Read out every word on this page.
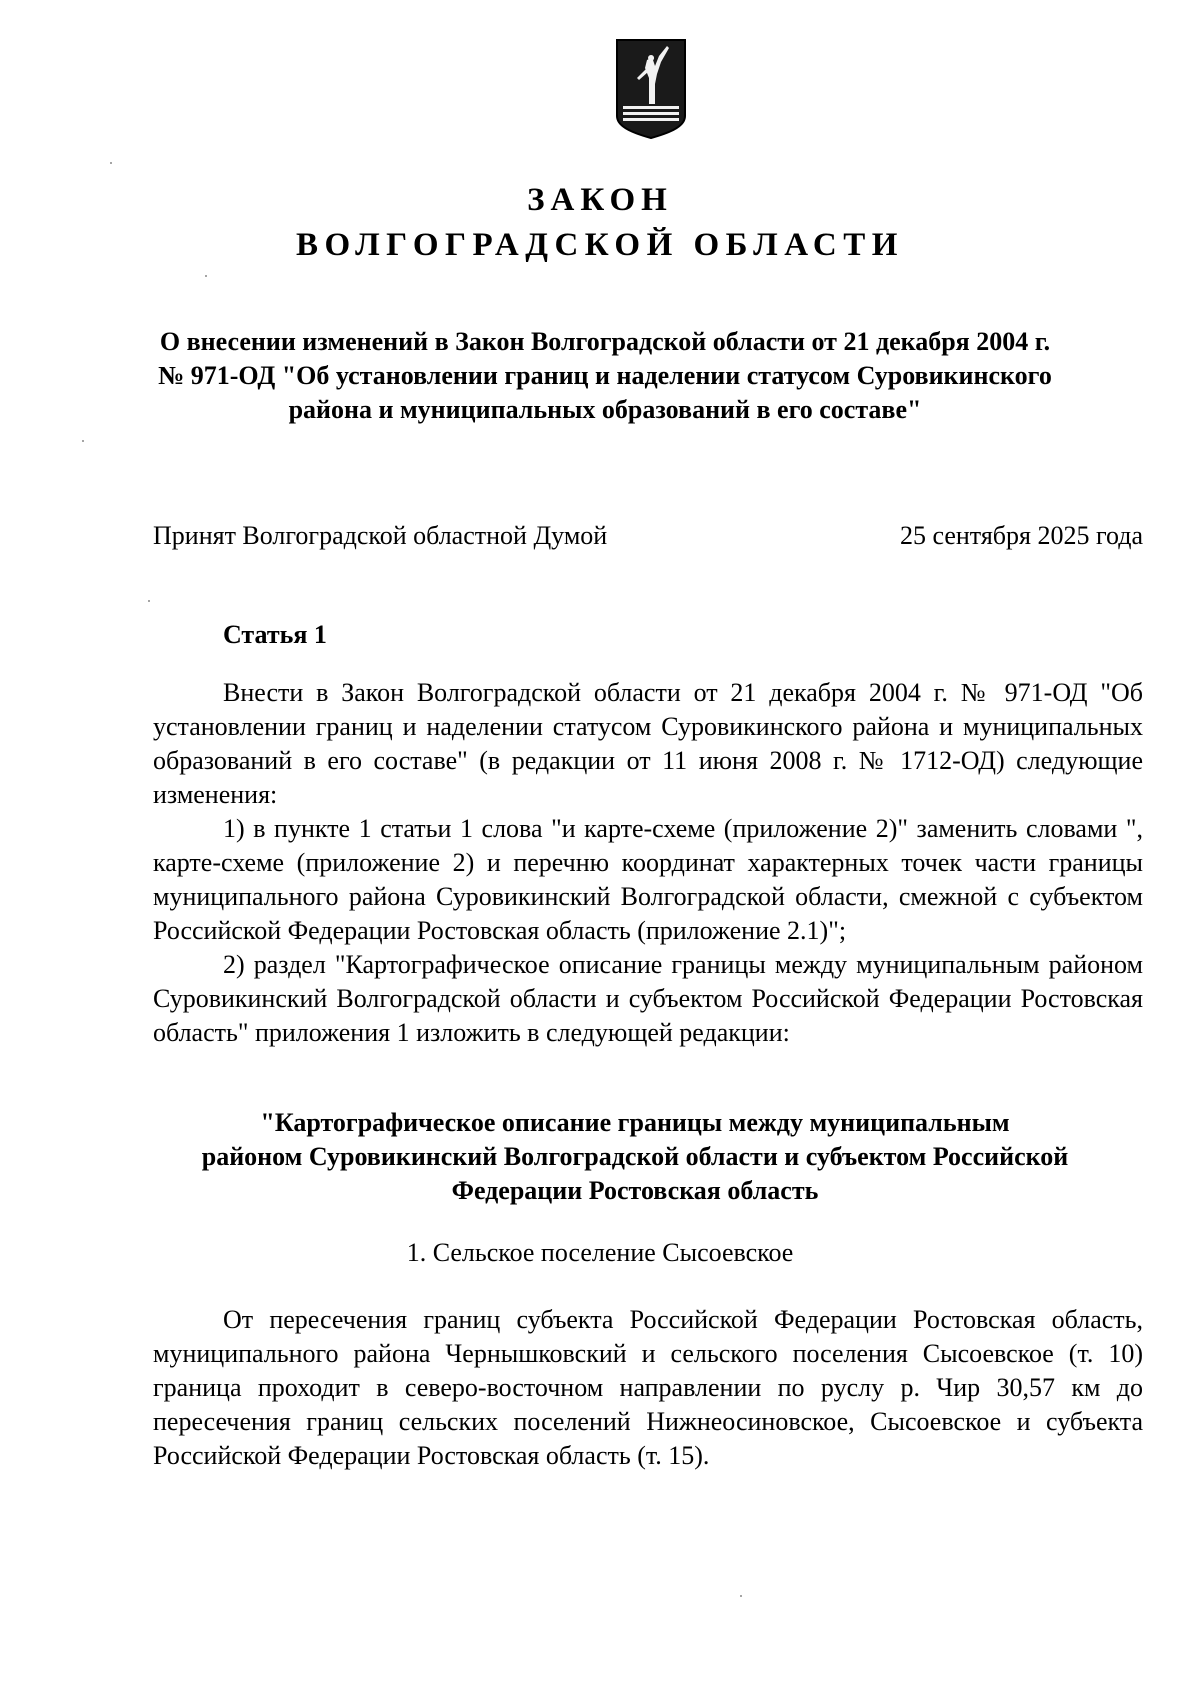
ЗАКОН
ВОЛГОГРАДСКОЙ ОБЛАСТИ
О внесении изменений в Закон Волгоградской области от 21 декабря 2004 г.
№ 971-ОД "Об установлении границ и наделении статусом Суровикинского
района и муниципальных образований в его составе"
Принят Волгоградской областной Думой	25 сентября 2025 года
Статья 1

Внести в Закон Волгоградской области от 21 декабря 2004 г. № 971-ОД "Об установлении границ и наделении статусом Суровикинского района и муниципальных образований в его составе" (в редакции от 11 июня 2008 г. № 1712-ОД) следующие изменения:

1) в пункте 1 статьи 1 слова "и карте-схеме (приложение 2)" заменить словами ", карте-схеме (приложение 2) и перечню координат характерных точек части границы муниципального района Суровикинский Волгоградской области, смежной с субъектом Российской Федерации Ростовская область (приложение 2.1)";

2) раздел "Картографическое описание границы между муниципальным районом Суровикинский Волгоградской области и субъектом Российской Федерации Ростовская область" приложения 1 изложить в следующей редакции:

"Картографическое описание границы между муниципальным
районом Суровикинский Волгоградской области и субъектом Российской
Федерации Ростовская область
1. Сельское поселение Сысоевское

От пересечения границ субъекта Российской Федерации Ростовская область, муниципального района Чернышковский и сельского поселения Сысоевское (т. 10) граница проходит в северо-восточном направлении по руслу р. Чир 30,57 км до пересечения границ сельских поселений Нижнеосиновское, Сысоевское и субъекта Российской Федерации Ростовская область (т. 15).
